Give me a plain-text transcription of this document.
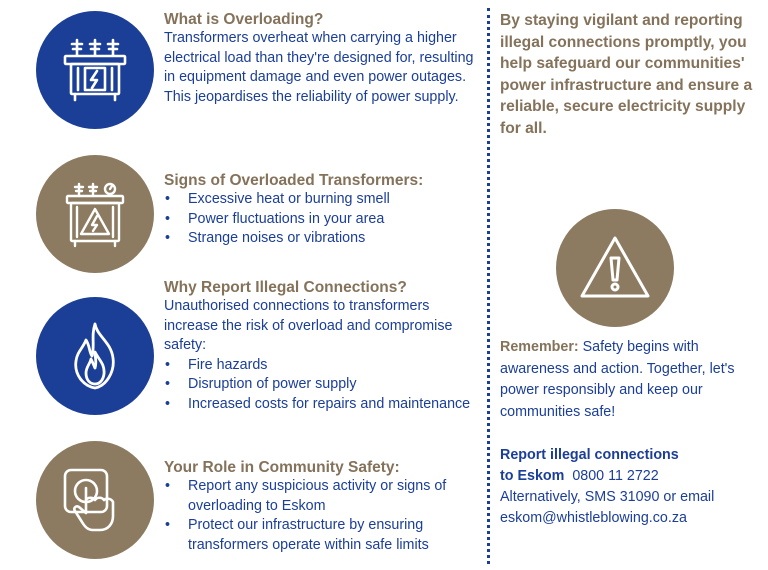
What is Overloading?

Transformers overheat when carrying a higher electrical load than they're designed for, resulting in equipment damage and even power outages. This jeopardises the reliability of power supply.

Signs of Overloaded Transformers:
• Excessive heat or burning smell
• Power fluctuations in your area
• Strange noises or vibrations
Why Report Illegal Connections?

Unauthorised connections to transformers increase the risk of overload and compromise safety:

• Fire hazards
• Disruption of power supply
• Increased costs for repairs and maintenance
Your Role in Community Safety:
• Report any suspicious activity or signs of overloading to Eskom
• Protect our infrastructure by ensuring transformers operate within safe limits

By staying vigilant and reporting illegal connections promptly, you help safeguard our communities' power infrastructure and ensure a reliable, secure electricity supply for all.

Remember: Safety begins with awareness and action. Together, let's power responsibly and keep our communities safe!

Report illegal connections
to Eskom 0800 11 2722
Alternatively, SMS 31090 or email
eskom@whistleblowing.co.za
